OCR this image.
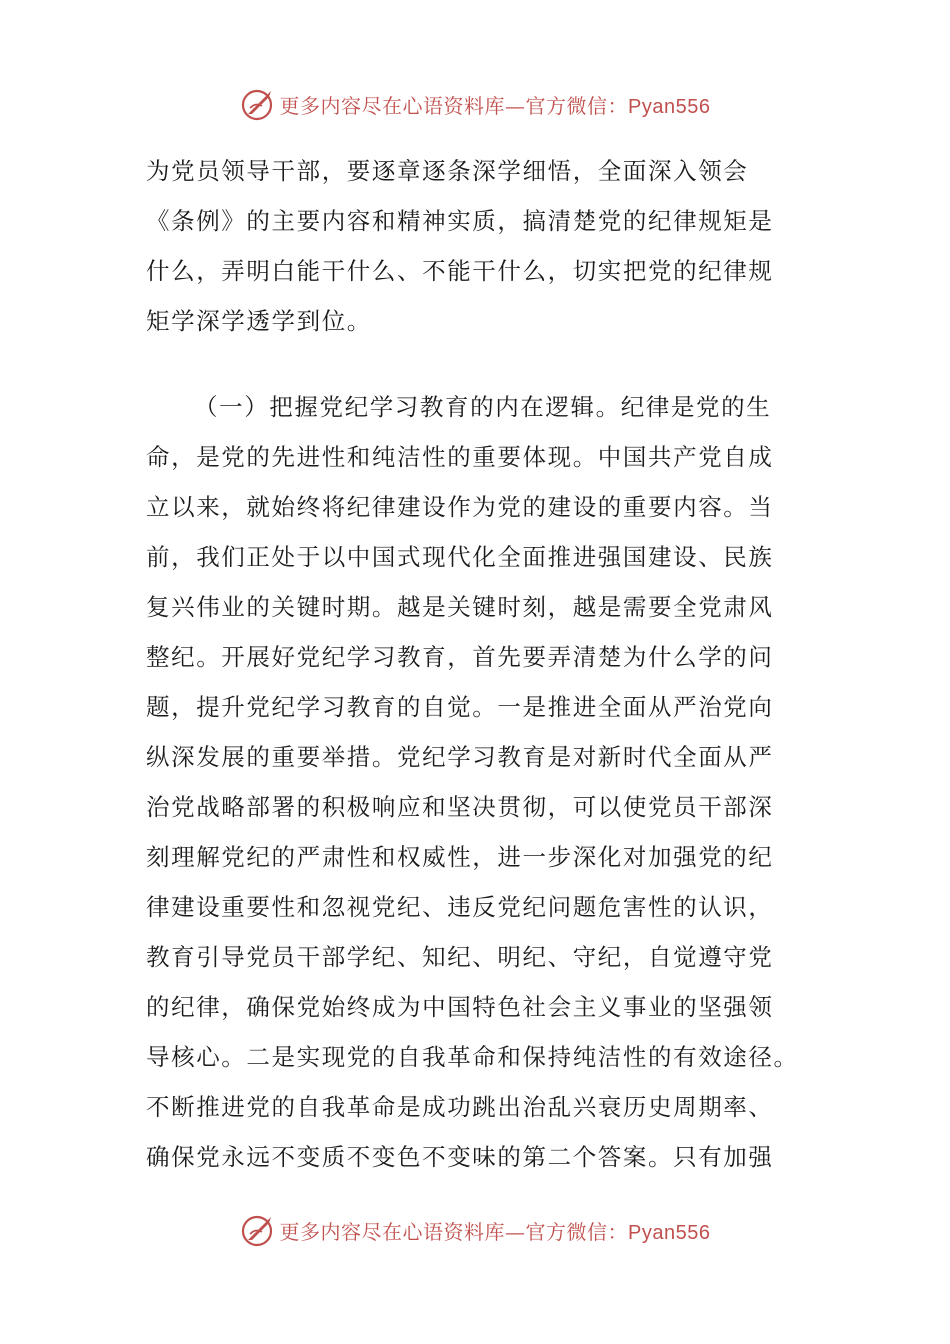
更多内容尽在心语资料库—官方微信：Pyan556
为党员领导干部，要逐章逐条深学细悟，全面深入领会
《条例》的主要内容和精神实质，搞清楚党的纪律规矩是
什么，弄明白能干什么、不能干什么，切实把党的纪律规
矩学深学透学到位。
（一）把握党纪学习教育的内在逻辑。纪律是党的生
命，是党的先进性和纯洁性的重要体现。中国共产党自成
立以来，就始终将纪律建设作为党的建设的重要内容。当
前，我们正处于以中国式现代化全面推进强国建设、民族
复兴伟业的关键时期。越是关键时刻，越是需要全党肃风
整纪。开展好党纪学习教育，首先要弄清楚为什么学的问
题，提升党纪学习教育的自觉。一是推进全面从严治党向
纵深发展的重要举措。党纪学习教育是对新时代全面从严
治党战略部署的积极响应和坚决贯彻，可以使党员干部深
刻理解党纪的严肃性和权威性，进一步深化对加强党的纪
律建设重要性和忽视党纪、违反党纪问题危害性的认识，
教育引导党员干部学纪、知纪、明纪、守纪，自觉遵守党
的纪律，确保党始终成为中国特色社会主义事业的坚强领
导核心。二是实现党的自我革命和保持纯洁性的有效途径。
不断推进党的自我革命是成功跳出治乱兴衰历史周期率、
确保党永远不变质不变色不变味的第二个答案。只有加强
更多内容尽在心语资料库—官方微信：Pyan556
